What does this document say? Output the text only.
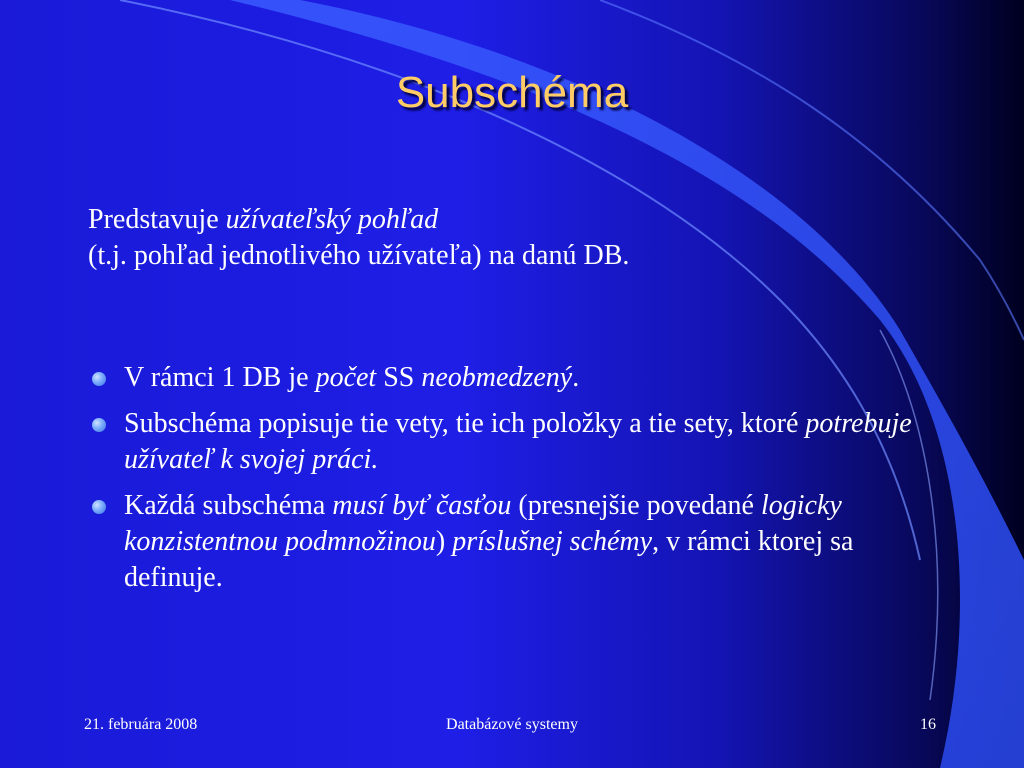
Subschéma
Predstavuje užívateľský pohľad
(t.j. pohľad jednotlivého užívateľa) na danú DB.
V rámci 1 DB je počet SS neobmedzený.
Subschéma popisuje tie vety, tie ich položky a tie sety, ktoré potrebuje užívateľ k svojej práci.
Každá subschéma musí byť časťou (presnejšie povedané logicky konzistentnou podmnožinou) príslušnej schémy, v rámci ktorej sa definuje.
21. februára 2008	Databázové systemy	16
